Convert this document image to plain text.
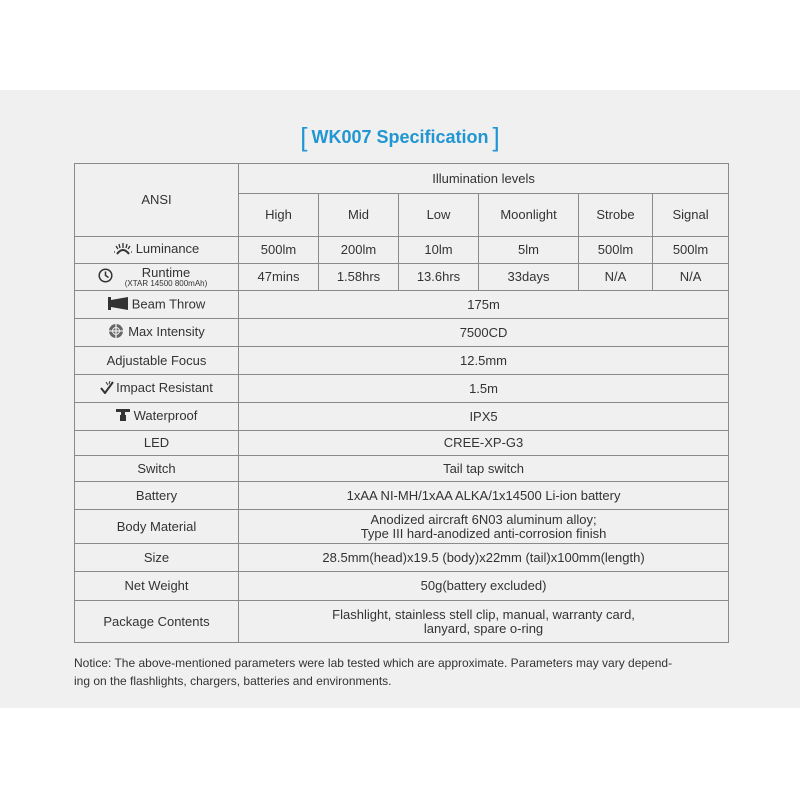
[ WK007 Specification ]
ANSI	Illumination levels					
	High	Mid	Low	Moonlight	Strobe	Signal
Luminance	500lm	200lm	10lm	5lm	500lm	500lm

Runtime
(XTAR 14500 800mAh)	47mins	1.58hrs	13.6hrs	33days	N/A	N/A
Beam Throw	175m					
Max Intensity	7500CD					
Adjustable Focus	12.5mm					
Impact Resistant	1.5m					
Waterproof	IPX5					
LED	CREE-XP-G3					
Switch	Tail tap switch					
Battery	1xAA NI-MH/1xAA ALKA/1x14500 Li-ion battery					
Body Material	Anodized aircraft 6N03 aluminum alloy;
Type III hard-anodized anti-corrosion finish					

Size	28.5mm(head)x19.5 (body)x22mm (tail)x100mm(length)					
Net Weight	50g(battery excluded)					
Package Contents	Flashlight, stainless stell clip, manual, warranty card,
lanyard, spare o-ring					
Notice: The above-mentioned parameters were lab tested which are approximate. Parameters may vary depend-
ing on the flashlights, chargers, batteries and environments.
